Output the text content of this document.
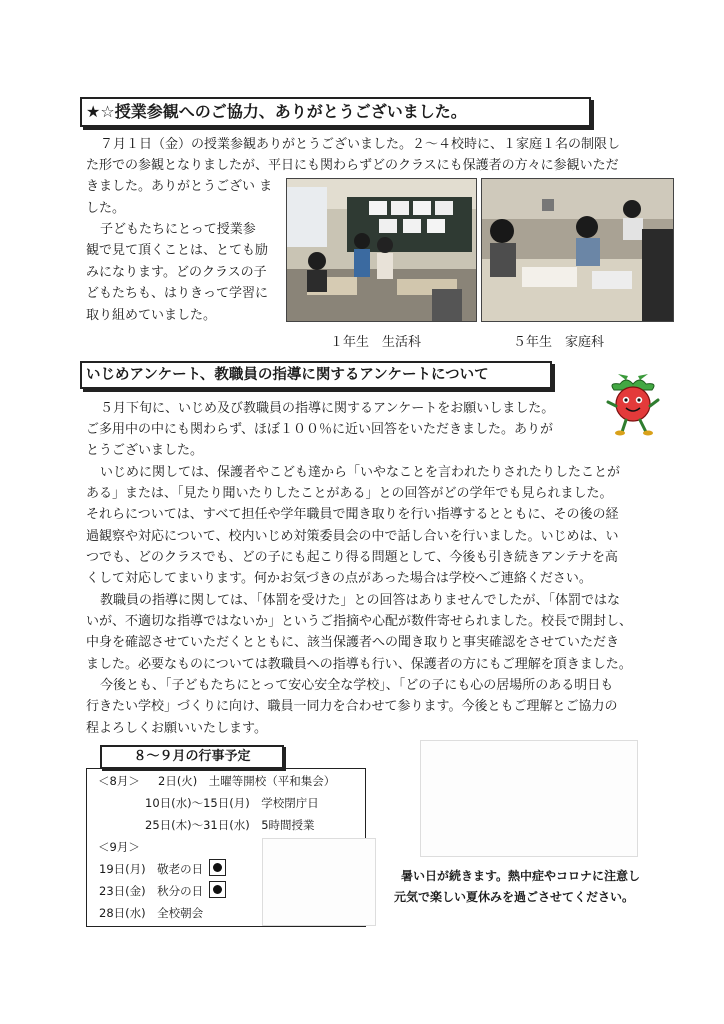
★☆授業参観へのご協力、ありがとうございました。

７月１日（金）の授業参観ありがとうございました。２～４校時に、１家庭１名の制限し

た形での参観となりましたが、平日にも関わらずどのクラスにも保護者の方々に参観いただ

きました。ありがとうござい ま

した。

子どもたちにとって授業参

観で見て頂くことは、とても励

みになります。どのクラスの子

どもたちも、はりきって学習に

取り組めていました。

１年生　生活科	５年生　家庭科
いじめアンケート、教職員の指導に関するアンケートについて

５月下旬に、いじめ及び教職員の指導に関するアンケートをお願いしました。

ご多用中の中にも関わらず、ほぼ１００％に近い回答をいただきました。ありが

とうございました。

いじめに関しては、保護者やこども達から「いやなことを言われたりされたりしたことが

ある」または、「見たり聞いたりしたことがある」との回答がどの学年でも見られました。

それらについては、すべて担任や学年職員で聞き取りを行い指導するとともに、その後の経

過観察や対応について、校内いじめ対策委員会の中で話し合いを行いました。いじめは、い

つでも、どのクラスでも、どの子にも起こり得る問題として、今後も引き続きアンテナを高

くして対応してまいります。何かお気づきの点があった場合は学校へご連絡ください。

教職員の指導に関しては、「体罰を受けた」との回答はありませんでしたが、「体罰ではな

いが、不適切な指導ではないか」というご指摘や心配が数件寄せられました。校長で開封し、

中身を確認させていただくとともに、該当保護者への聞き取りと事実確認をさせていただき

ました。必要なものについては教職員への指導も行い、保護者の方にもご理解を頂きました。

今後とも、「子どもたちにとって安心安全な学校」、「どの子にも心の居場所のある明日も

行きたい学校」づくりに向け、職員一同力を合わせて参ります。今後ともご理解とご協力の

程よろしくお願いいたします。

８～９月の行事予定
＜8月＞ 2日(火)　土曜等開校（平和集会）
10日(水)～15日(月)　学校閉庁日
25日(木)～31日(水)　5時間授業
＜9月＞
19日(月)　敬老の日
23日(金)　秋分の日
28日(水)　全校朝会

暑い日が続きます。熱中症やコロナに注意し

元気で楽しい夏休みを過ごさせてください。
